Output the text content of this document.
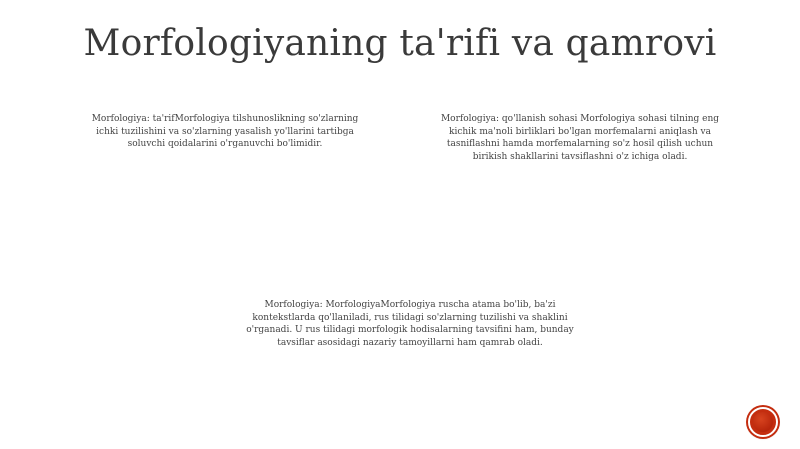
Morfologiyaning ta'rifi va qamrovi
Morfologiya: ta'rifMorfologiya tilshunoslikning so'zlarning ichki tuzilishini va so'zlarning yasalish yo'llarini tartibga soluvchi qoidalarini o'rganuvchi bo'limidir.
Morfologiya: qo'llanish sohasi Morfologiya sohasi tilning eng kichik ma'noli birliklari bo'lgan morfemalarni aniqlash va tasniflashni hamda morfemalarning so'z hosil qilish uchun birikish shakllarini tavsiflashni o'z ichiga oladi.
Morfologiya: MorfologiyaMorfologiya ruscha atama bo'lib, ba'zi kontekstlarda qo'llaniladi, rus tilidagi so'zlarning tuzilishi va shaklini o'rganadi. U rus tilidagi morfologik hodisalarning tavsifini ham, bunday tavsiflar asosidagi nazariy tamoyillarni ham qamrab oladi.
